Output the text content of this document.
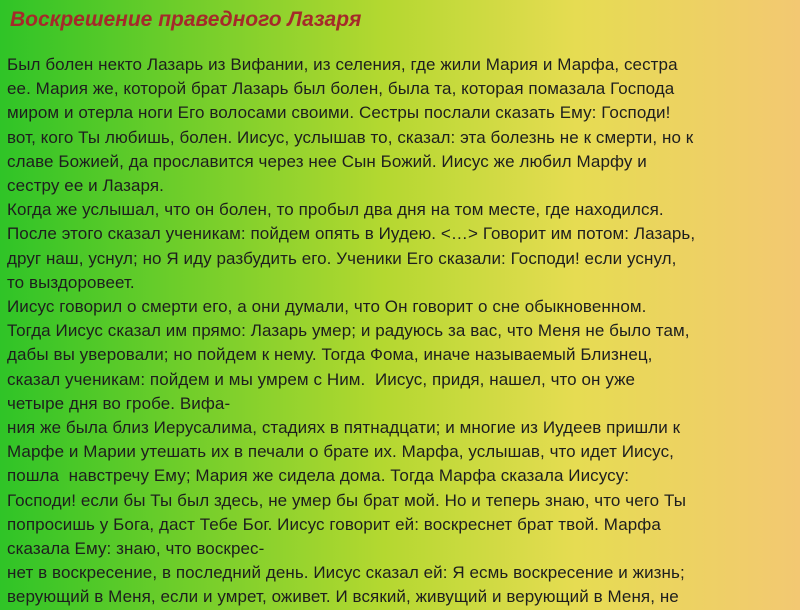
Воскрешение праведного Лазаря
Был болен некто Лазарь из Вифании, из селения, где жили Мария и Марфа, сестра
ее. Мария же, которой брат Лазарь был болен, была та, которая помазала Господа
миром и отерла ноги Его волосами своими. Сестры послали сказать Ему: Господи!
вот, кого Ты любишь, болен. Иисус, услышав то, сказал: эта болезнь не к смерти, но к
славе Божией, да прославится через нее Сын Божий. Иисус же любил Марфу и
сестру ее и Лазаря.
Когда же услышал, что он болен, то пробыл два дня на том месте, где находился.
После этого сказал ученикам: пойдем опять в Иудею. <…> Говорит им потом: Лазарь,
друг наш, уснул; но Я иду разбудить его. Ученики Его сказали: Господи! если уснул,
то выздоровеет.
Иисус говорил о смерти его, а они думали, что Он говорит о сне обыкновенном.
Тогда Иисус сказал им прямо: Лазарь умер; и радуюсь за вас, что Меня не было там,
дабы вы уверовали; но пойдем к нему. Тогда Фома, иначе называемый Близнец,
сказал ученикам: пойдем и мы умрем с Ним.  Иисус, придя, нашел, что он уже
четыре дня во гробе. Вифа-
ния же была близ Иерусалима, стадиях в пятнадцати; и многие из Иудеев пришли к
Марфе и Марии утешать их в печали о брате их. Марфа, услышав, что идет Иисус,
пошла  навстречу Ему; Мария же сидела дома. Тогда Марфа сказала Иисусу:
Господи! если бы Ты был здесь, не умер бы брат мой. Но и теперь знаю, что чего Ты
попросишь у Бога, даст Тебе Бог. Иисус говорит ей: воскреснет брат твой. Марфа
сказала Ему: знаю, что воскрес-
нет в воскресение, в последний день. Иисус сказал ей: Я есмь воскресение и жизнь;
верующий в Меня, если и умрет, оживет. И всякий, живущий и верующий в Меня, не
